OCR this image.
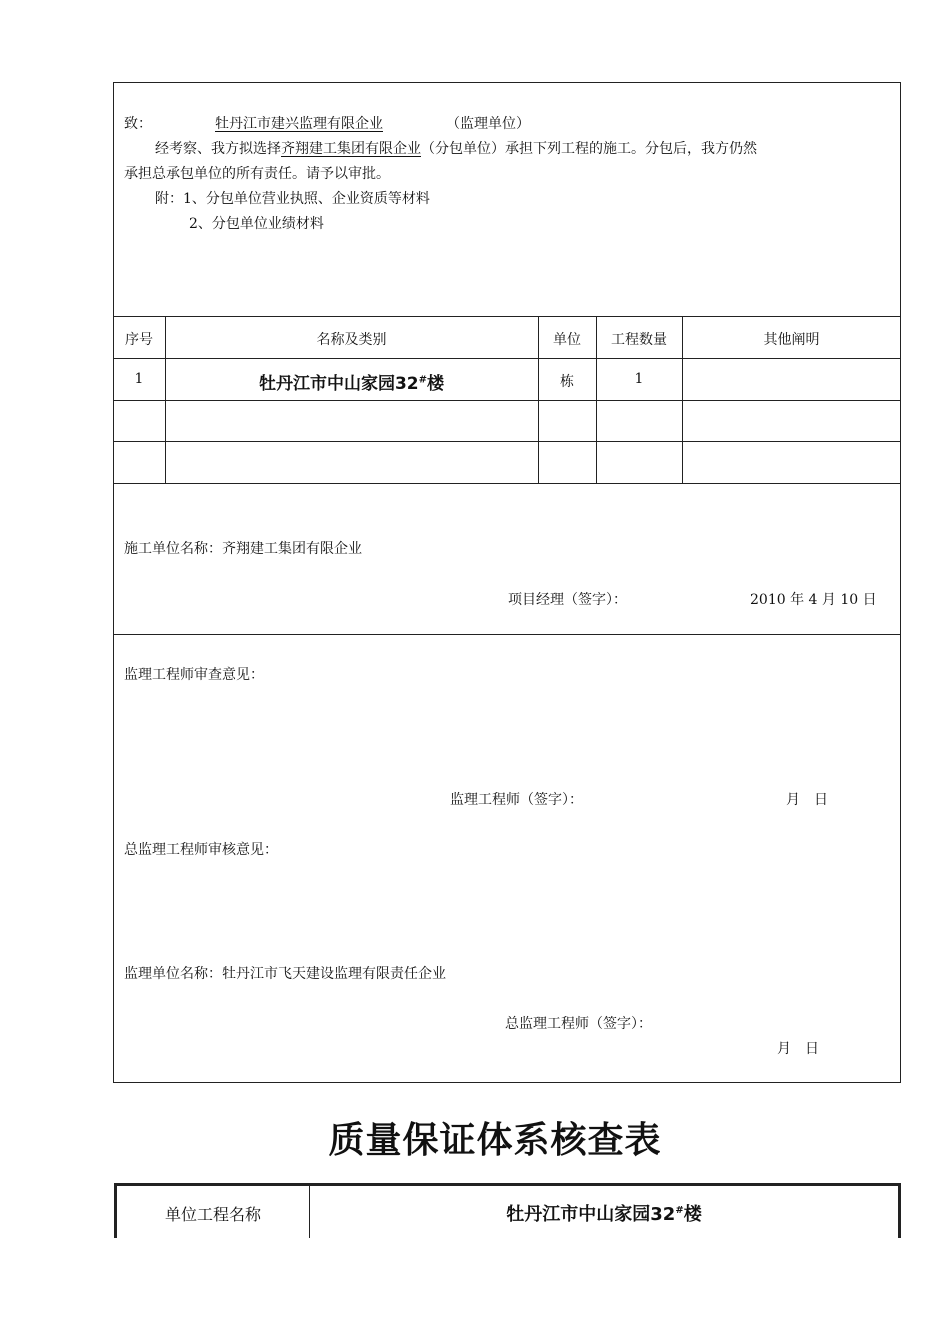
致：	牡丹江市建兴监理有限企业	（监理单位）
经考察、我方拟选择齐翔建工集团有限企业（分包单位）承担下列工程的施工。分包后，我方仍然
承担总承包单位的所有责任。请予以审批。
附：1、分包单位营业执照、企业资质等材料
2、分包单位业绩材料
序号	名称及类别	单位	工程数量	其他阐明
1	牡丹江市中山家园32#楼	栋	1
施工单位名称：齐翔建工集团有限企业
项目经理（签字）：	2010 年 4 月 10 日
监理工程师审查意见：
监理工程师（签字）：	月　日
总监理工程师审核意见：
监理单位名称：牡丹江市飞天建设监理有限责任企业
总监理工程师（签字）：
月　日
质量保证体系核查表
单位工程名称	牡丹江市中山家园32#楼
